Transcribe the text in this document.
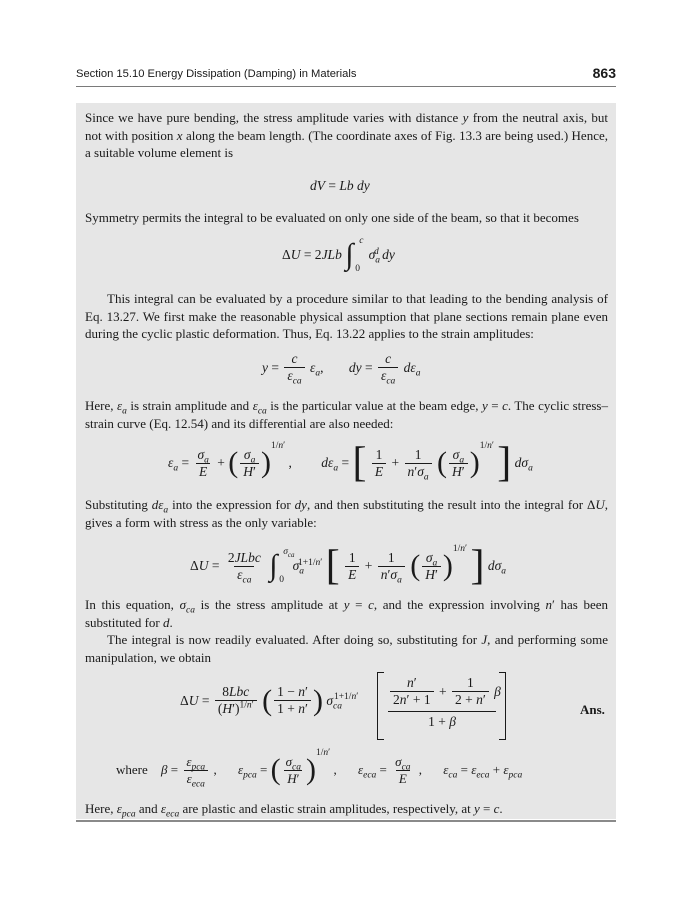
Section 15.10 Energy Dissipation (Damping) in Materials	863
Since we have pure bending, the stress amplitude varies with distance y from the neutral axis, but not with position x along the beam length. (The coordinate axes of Fig. 13.3 are being used.) Hence, a suitable volume element is
dV = Lb dy
Symmetry permits the integral to be evaluated on only one side of the beam, so that it becomes
ΔU = 2JLb
c
∫ 0
$\sigma_a^d$ dy
This integral can be evaluated by a procedure similar to that leading to the bending analysis of Eq. 13.27. We first make the reasonable physical assumption that plane sections remain plane even during the cyclic plastic deformation. Thus, Eq. 13.22 applies to the strain amplitudes:
$y = \frac{c}{\varepsilon_{ca}} \varepsilon_a$, dy = $\frac{c}{\varepsilon_{ca}} d\varepsilon_a$
Here, $\varepsilon_a$ is strain amplitude and $\varepsilon_{ca}$ is the particular value at the beam edge, y = c. The cyclic stress–strain curve (Eq. 12.54) and its differential are also needed:
$\varepsilon_a = \frac{\sigma_a}{E}$ + ( $\frac{\sigma_a}{H'} )^{1/n'}$ , $d\varepsilon_a$ = [ $\frac{1}{E} + \frac{1}{n'\sigma_a}$ ( $\frac{\sigma_a}{H'} )^{1/n'}$ ] $d\sigma_a$
Substituting $d\varepsilon_a$ into the expression for dy, and then substituting the result into the integral for ΔU, gives a form with stress as the only variable:
$\Delta U = \frac{\text{2JLbc}}{\varepsilon_{ca}}$
$\sigma_{ca}$
∫ 0
$\sigma_a^{1+1/n'}$ [ $\frac{1}{E} + \frac{1}{n'\sigma_a}$ ( $\frac{\sigma_a}{H'} )^{1/n'}$ ] $d\sigma_a$
In this equation, $\sigma_{ca}$ is the stress amplitude at y = c, and the expression involving n′ has been substituted for d.
The integral is now readily evaluated. After doing so, substituting for J, and performing some manipulation, we obtain
$\Delta U = \frac{\text{8Lbc}}{(H')^{1/n'}}$ ( $\frac{1 - n'}{1 + n'}$ ) $\sigma_{ca}^{1+1/n'} \frac{n'}{2n' + 1} + \frac{1}{2 + n'}$ β
1 + β
Ans.
where $\beta = \frac{\varepsilon_{pca}}{\varepsilon_{eca}}$ , $\varepsilon_{pca}$ = ( $\frac{\sigma_{ca}}{H'} )^{1/n'}$ , $\varepsilon_{eca} = \frac{\sigma_{ca}}{E}$ , $\varepsilon_{ca} = \varepsilon_{eca} + \varepsilon_{pca}$
Here, $\varepsilon_{pca}$ and $\varepsilon_{eca}$ are plastic and elastic strain amplitudes, respectively, at y = c.
